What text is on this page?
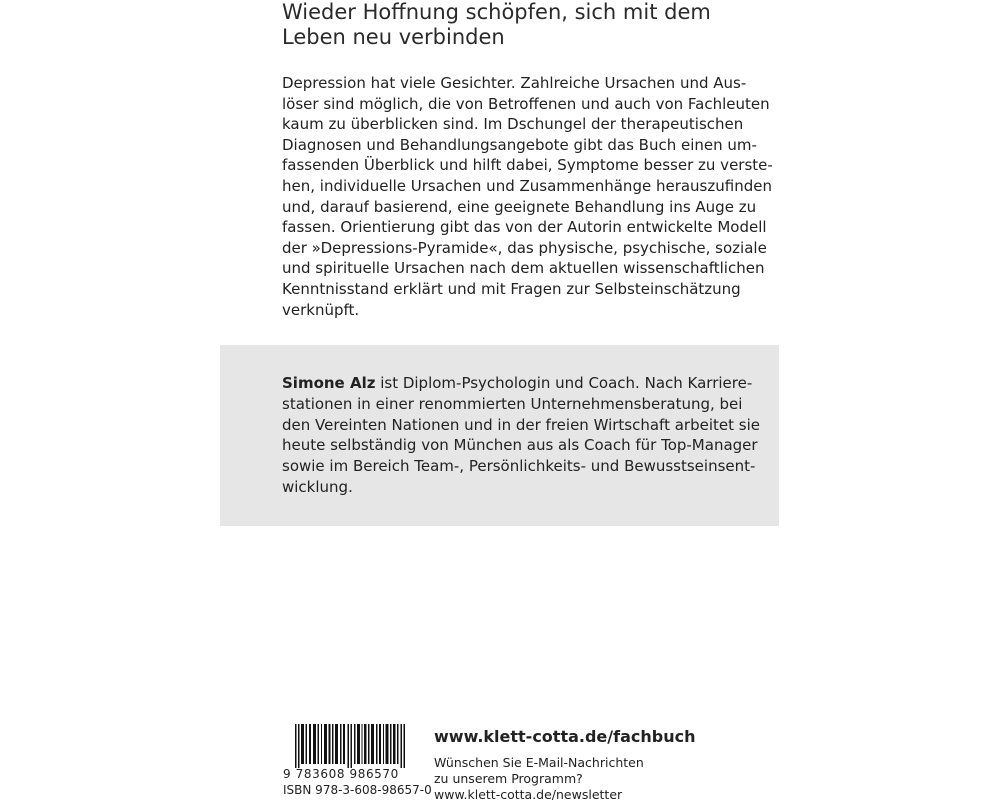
Wieder Hoffnung schöpfen, sich mit dem
Leben neu verbinden

Depression hat viele Gesichter. Zahlreiche Ursachen und Aus-
löser sind möglich, die von Betroffenen und auch von Fachleuten
kaum zu überblicken sind. Im Dschungel der therapeutischen
Diagnosen und Behandlungsangebote gibt das Buch einen um-
fassenden Überblick und hilft dabei, Symptome besser zu verste-
hen, individuelle Ursachen und Zusammenhänge herauszufinden
und, darauf basierend, eine geeignete Behandlung ins Auge zu
fassen. Orientierung gibt das von der Autorin entwickelte Modell
der »Depressions-Pyramide«, das physische, psychische, soziale
und spirituelle Ursachen nach dem aktuellen wissenschaftlichen
Kenntnisstand erklärt und mit Fragen zur Selbsteinschätzung
verknüpft.

Simone Alz ist Diplom-Psychologin und Coach. Nach Karriere-
stationen in einer renommierten Unternehmensberatung, bei
den Vereinten Nationen und in der freien Wirtschaft arbeitet sie
heute selbständig von München aus als Coach für Top-Manager
sowie im Bereich Team-, Persönlichkeits- und Bewusstseinsent-
wicklung.

9 783608 986570
ISBN 978-3-608-98657-0

www.klett-cotta.de/fachbuch

Wünschen Sie E-Mail-Nachrichten
zu unserem Programm?
www.klett-cotta.de/newsletter
